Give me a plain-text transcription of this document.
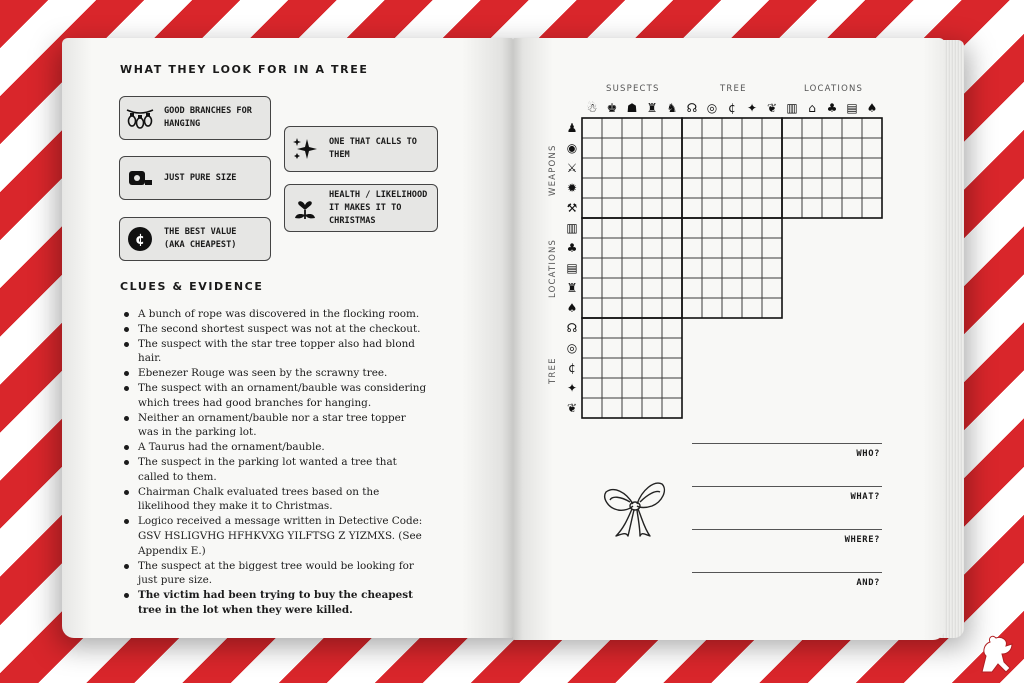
WHAT THEY LOOK FOR IN A TREE
GOOD BRANCHES FOR
HANGING
JUST PURE SIZE
¢ THE BEST VALUE
(AKA CHEAPEST)
ONE THAT CALLS TO
THEM
HEALTH / LIKELIHOOD
IT MAKES IT TO
CHRISTMAS
CLUES & EVIDENCE
A bunch of rope was discovered in the flocking room.
The second shortest suspect was not at the checkout.
The suspect with the star tree topper also had blond hair.
Ebenezer Rouge was seen by the scrawny tree.
The suspect with an ornament/bauble was considering which trees had good branches for hanging.
Neither an ornament/bauble nor a star tree topper was in the parking lot.
A Taurus had the ornament/bauble.
The suspect in the parking lot wanted a tree that called to them.
Chairman Chalk evaluated trees based on the likelihood they make it to Christmas.
Logico received a message written in Detective Code: GSV HSLIGVHG HFHKVXG YILFTSG Z YIZMXS. (See Appendix E.)
The suspect at the biggest tree would be looking for just pure size.
The victim had been trying to buy the cheapest tree in the lot when they were killed.
SUSPECTS	TREE	LOCATIONS
WEAPONS
LOCATIONS
TREE
☃ ♚ ☗ ♜ ♞ ☊ ◎ ¢ ✦ ❦ ▥ ⌂ ♣ ▤ ♠
♟
◉
⚔
✹
⚒
▥
♣
▤
♜
♠
☊
◎
¢
✦
❦
WHO?
WHAT?
WHERE?
AND?
